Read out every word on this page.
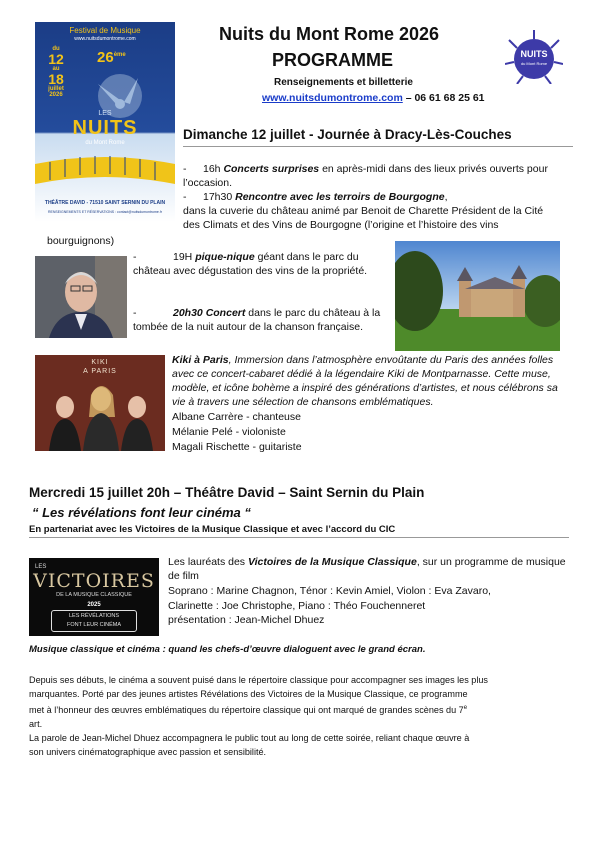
Festival de Musique
www.nuitsdumontrome.com
du
12
au
18
juillet
2026
26ème
LES
NUITS
du Mont Rome
THÉÂTRE DAVID - 71510 SAINT SERNIN DU PLAIN
RENSEIGNEMENTS ET RÉSERVATIONS : contact@nuitsdumontrome.fr
Nuits du Mont Rome 2026
PROGRAMME
Renseignements et billetterie
www.nuitsdumontrome.com – 06 61 68 25 61
NUITS
du Mont Rome
Dimanche 12 juillet - Journée à Dracy-Lès-Couches
- 16h Concerts surprises en après-midi dans des lieux privés ouverts pour
l’occasion.
- 17h30 Rencontre avec les terroirs de Bourgogne,
dans la cuverie du château animé par Benoit de Charette Président de la Cité
des Climats et des Vins de Bourgogne (l’origine et l’histoire des vins
bourguignons)
-	19H pique-nique géant dans le parc du
château avec dégustation des vins de la propriété.
-	20h30 Concert dans le parc du château à la
tombée de la nuit autour de la chanson française.
KIKI
A PARIS
Kiki à Paris, Immersion dans l’atmosphère envoûtante du Paris des années folles
avec ce concert-cabaret dédié à la légendaire Kiki de Montparnasse. Cette muse,
modèle, et icône bohème a inspiré des générations d’artistes, et nous célébrons sa
vie à travers une sélection de chansons emblématiques.
Albane Carrère - chanteuse
Mélanie Pelé - violoniste
Magali Rischette - guitariste
Mercredi 15 juillet 20h – Théâtre David – Saint Sernin du Plain
“ Les révélations font leur cinéma “
En partenariat avec les Victoires de la Musique Classique et avec l’accord du CIC
LES
VICTOIRES
DE LA MUSIQUE CLASSIQUE
2025
LES RÉVÉLATIONS
FONT LEUR CINÉMA
Les lauréats des Victoires de la Musique Classique, sur un programme de musique
de film
Soprano : Marine Chagnon, Ténor : Kevin Amiel, Violon : Eva Zavaro,
Clarinette : Joe Christophe, Piano : Théo Fouchenneret
présentation : Jean-Michel Dhuez
Musique classique et cinéma : quand les chefs-d’œuvre dialoguent avec le grand écran.
Depuis ses débuts, le cinéma a souvent puisé dans le répertoire classique pour accompagner ses images les plus
marquantes. Porté par des jeunes artistes Révélations des Victoires de la Musique Classique, ce programme
met à l’honneur des œuvres emblématiques du répertoire classique qui ont marqué de grandes scènes du 7e
art.
La parole de Jean-Michel Dhuez accompagnera le public tout au long de cette soirée, reliant chaque œuvre à
son univers cinématographique avec passion et sensibilité.
